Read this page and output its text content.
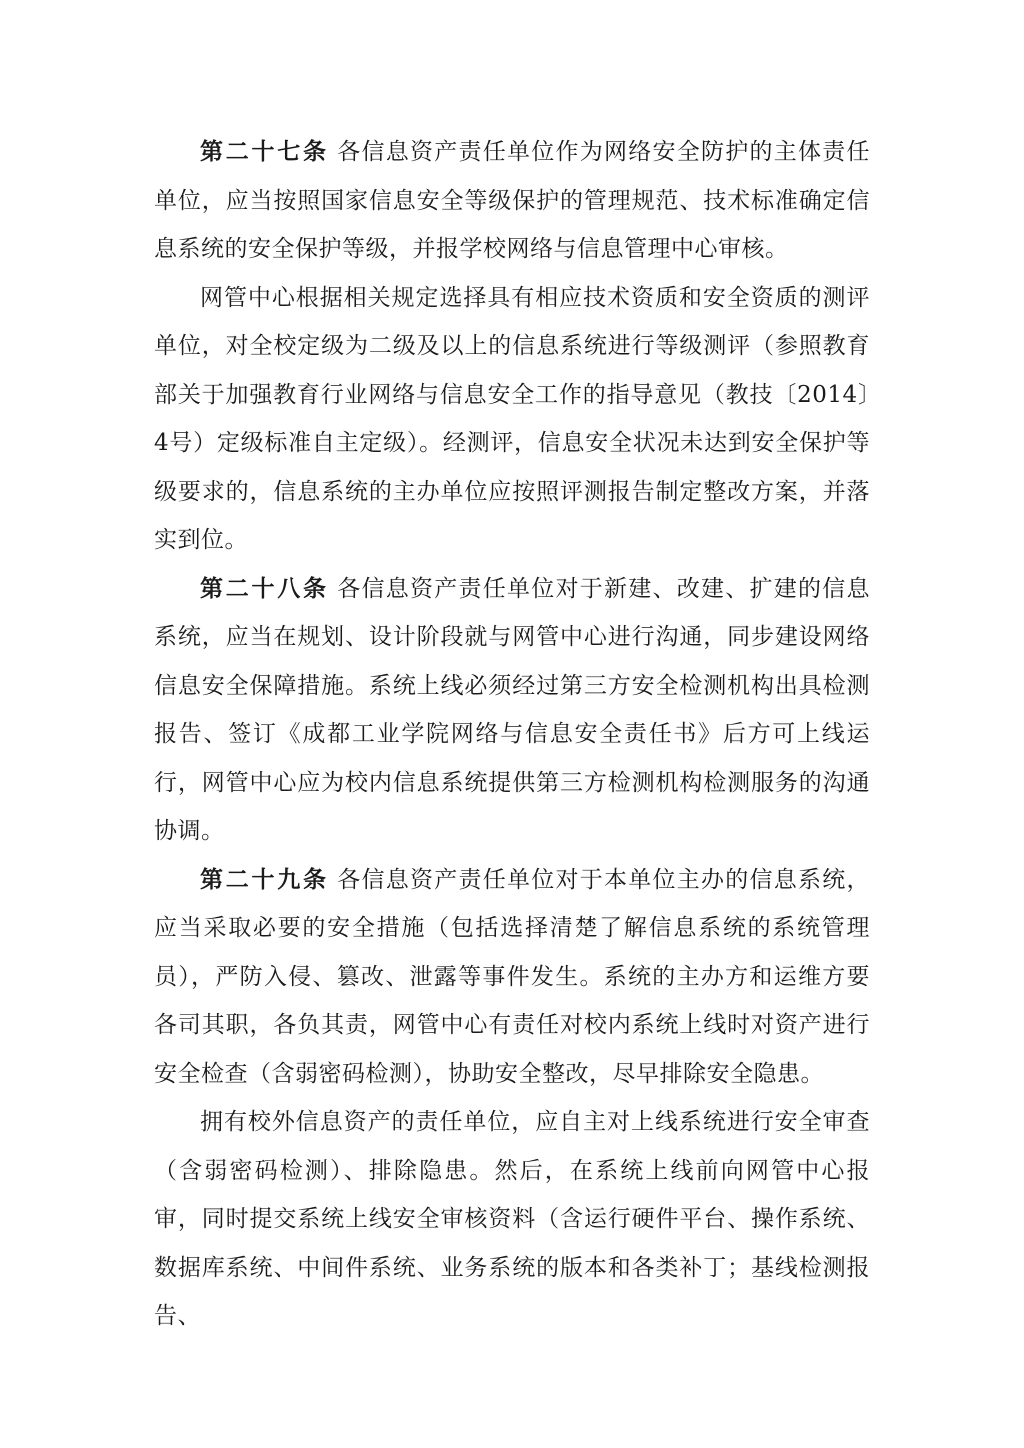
第二十七条 各信息资产责任单位作为网络安全防护的主体责任单位，应当按照国家信息安全等级保护的管理规范、技术标准确定信息系统的安全保护等级，并报学校网络与信息管理中心审核。

网管中心根据相关规定选择具有相应技术资质和安全资质的测评单位，对全校定级为二级及以上的信息系统进行等级测评（参照教育部关于加强教育行业网络与信息安全工作的指导意见（教技〔2014〕4号）定级标准自主定级）。经测评，信息安全状况未达到安全保护等级要求的，信息系统的主办单位应按照评测报告制定整改方案，并落实到位。

第二十八条 各信息资产责任单位对于新建、改建、扩建的信息系统，应当在规划、设计阶段就与网管中心进行沟通，同步建设网络信息安全保障措施。系统上线必须经过第三方安全检测机构出具检测报告、签订《成都工业学院网络与信息安全责任书》后方可上线运行，网管中心应为校内信息系统提供第三方检测机构检测服务的沟通协调。

第二十九条 各信息资产责任单位对于本单位主办的信息系统，应当采取必要的安全措施（包括选择清楚了解信息系统的系统管理员），严防入侵、篡改、泄露等事件发生。系统的主办方和运维方要各司其职，各负其责，网管中心有责任对校内系统上线时对资产进行安全检查（含弱密码检测），协助安全整改，尽早排除安全隐患。

拥有校外信息资产的责任单位，应自主对上线系统进行安全审查（含弱密码检测）、排除隐患。然后，在系统上线前向网管中心报审，同时提交系统上线安全审核资料（含运行硬件平台、操作系统、数据库系统、中间件系统、业务系统的版本和各类补丁；基线检测报告、
